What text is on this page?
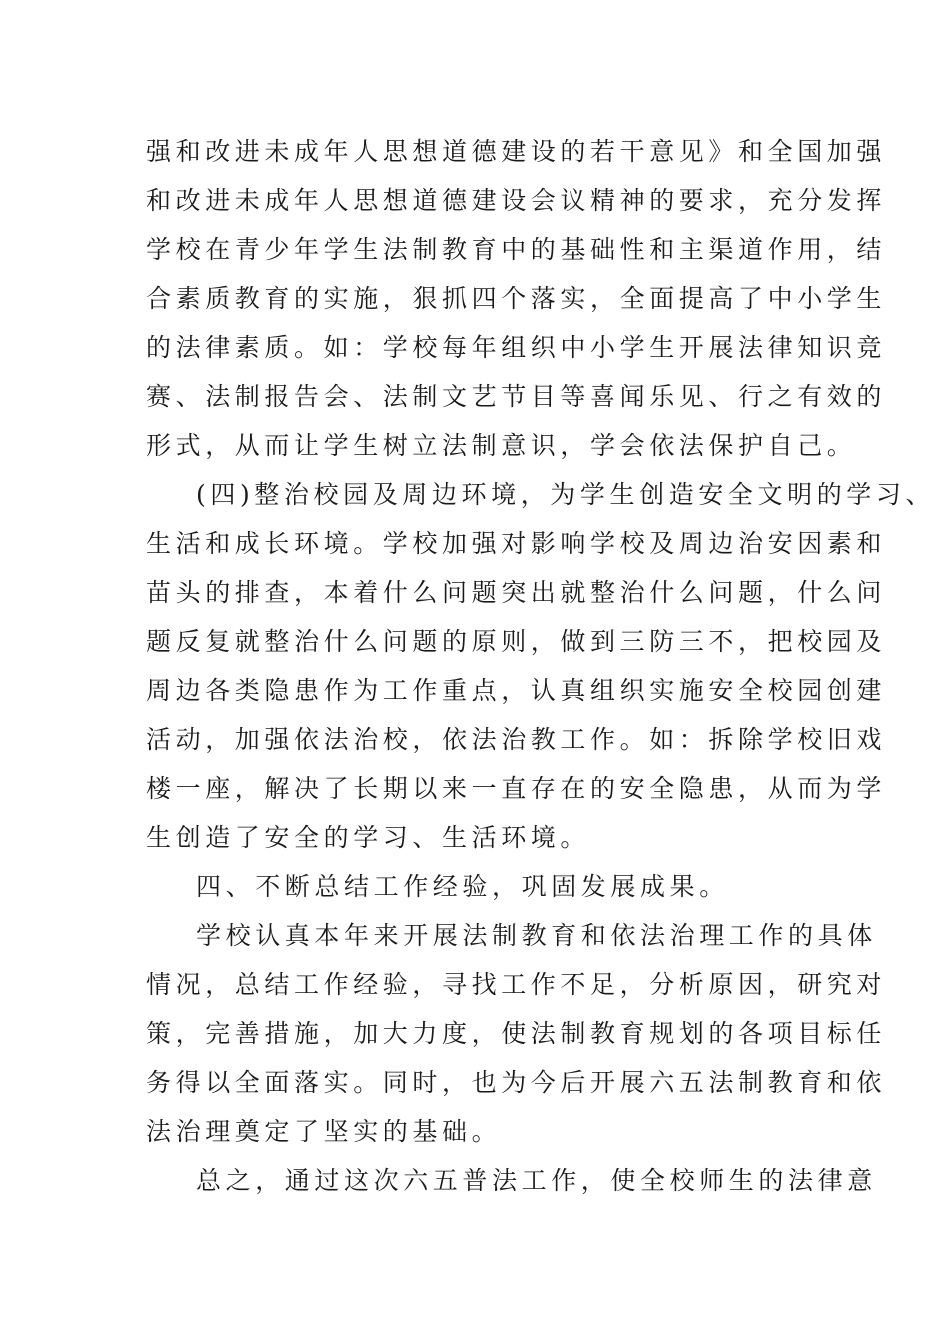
强和改进未成年人思想道德建设的若干意见》和全国加强
和改进未成年人思想道德建设会议精神的要求，充分发挥
学校在青少年学生法制教育中的基础性和主渠道作用，结
合素质教育的实施，狠抓四个落实，全面提高了中小学生
的法律素质。如：学校每年组织中小学生开展法律知识竞
赛、法制报告会、法制文艺节目等喜闻乐见、行之有效的
形式，从而让学生树立法制意识，学会依法保护自己。
(四)整治校园及周边环境，为学生创造安全文明的学习、
生活和成长环境。学校加强对影响学校及周边治安因素和
苗头的排查，本着什么问题突出就整治什么问题，什么问
题反复就整治什么问题的原则，做到三防三不，把校园及
周边各类隐患作为工作重点，认真组织实施安全校园创建
活动，加强依法治校，依法治教工作。如：拆除学校旧戏
楼一座，解决了长期以来一直存在的安全隐患，从而为学
生创造了安全的学习、生活环境。
四、不断总结工作经验，巩固发展成果。
学校认真本年来开展法制教育和依法治理工作的具体
情况，总结工作经验，寻找工作不足，分析原因，研究对
策，完善措施，加大力度，使法制教育规划的各项目标任
务得以全面落实。同时，也为今后开展六五法制教育和依
法治理奠定了坚实的基础。
总之，通过这次六五普法工作，使全校师生的法律意
